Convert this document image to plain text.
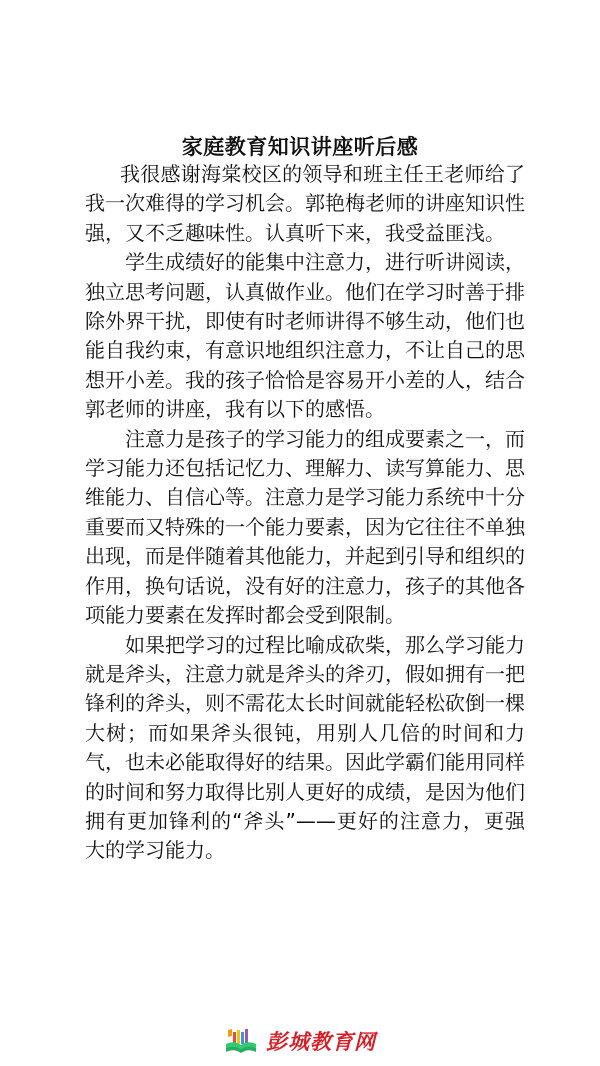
家庭教育知识讲座听后感

我很感谢海棠校区的领导和班主任王老师给了我一次难得的学习机会。郭艳梅老师的讲座知识性强，又不乏趣味性。认真听下来，我受益匪浅。

学生成绩好的能集中注意力，进行听讲阅读，独立思考问题，认真做作业。他们在学习时善于排除外界干扰，即使有时老师讲得不够生动，他们也能自我约束，有意识地组织注意力，不让自己的思想开小差。我的孩子恰恰是容易开小差的人，结合郭老师的讲座，我有以下的感悟。

注意力是孩子的学习能力的组成要素之一，而学习能力还包括记忆力、理解力、读写算能力、思维能力、自信心等。注意力是学习能力系统中十分重要而又特殊的一个能力要素，因为它往往不单独出现，而是伴随着其他能力，并起到引导和组织的作用，换句话说，没有好的注意力，孩子的其他各项能力要素在发挥时都会受到限制。

如果把学习的过程比喻成砍柴，那么学习能力就是斧头，注意力就是斧头的斧刃，假如拥有一把锋利的斧头，则不需花太长时间就能轻松砍倒一棵大树；而如果斧头很钝，用别人几倍的时间和力气，也未必能取得好的结果。因此学霸们能用同样的时间和努力取得比别人更好的成绩，是因为他们拥有更加锋利的“斧头”——更好的注意力，更强大的学习能力。

彭城教育网
